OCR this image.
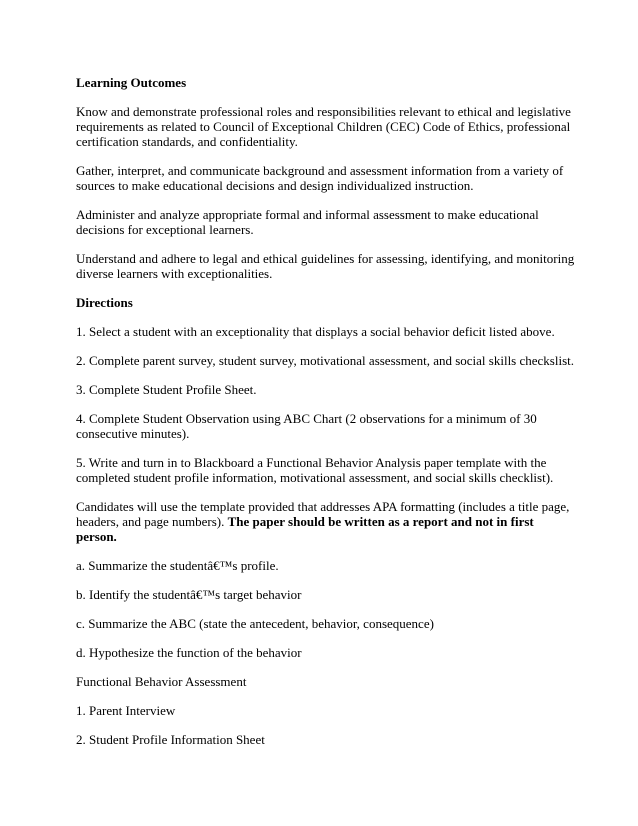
Learning Outcomes

Know and demonstrate professional roles and responsibilities relevant to ethical and legislative requirements as related to Council of Exceptional Children (CEC) Code of Ethics, professional certification standards, and confidentiality.

Gather, interpret, and communicate background and assessment information from a variety of sources to make educational decisions and design individualized instruction.

Administer and analyze appropriate formal and informal assessment to make educational decisions for exceptional learners.

Understand and adhere to legal and ethical guidelines for assessing, identifying, and monitoring diverse learners with exceptionalities.

Directions

1. Select a student with an exceptionality that displays a social behavior deficit listed above.

2. Complete parent survey, student survey, motivational assessment, and social skills checkslist.

3. Complete Student Profile Sheet.

4. Complete Student Observation using ABC Chart (2 observations for a minimum of 30 consecutive minutes).

5. Write and turn in to Blackboard a Functional Behavior Analysis paper template with the completed student profile information, motivational assessment, and social skills checklist).

Candidates will use the template provided that addresses APA formatting (includes a title page, headers, and page numbers). The paper should be written as a report and not in first person.

a. Summarize the studentâ€™s profile.

b. Identify the studentâ€™s target behavior

c. Summarize the ABC (state the antecedent, behavior, consequence)

d. Hypothesize the function of the behavior

Functional Behavior Assessment

1. Parent Interview

2. Student Profile Information Sheet
